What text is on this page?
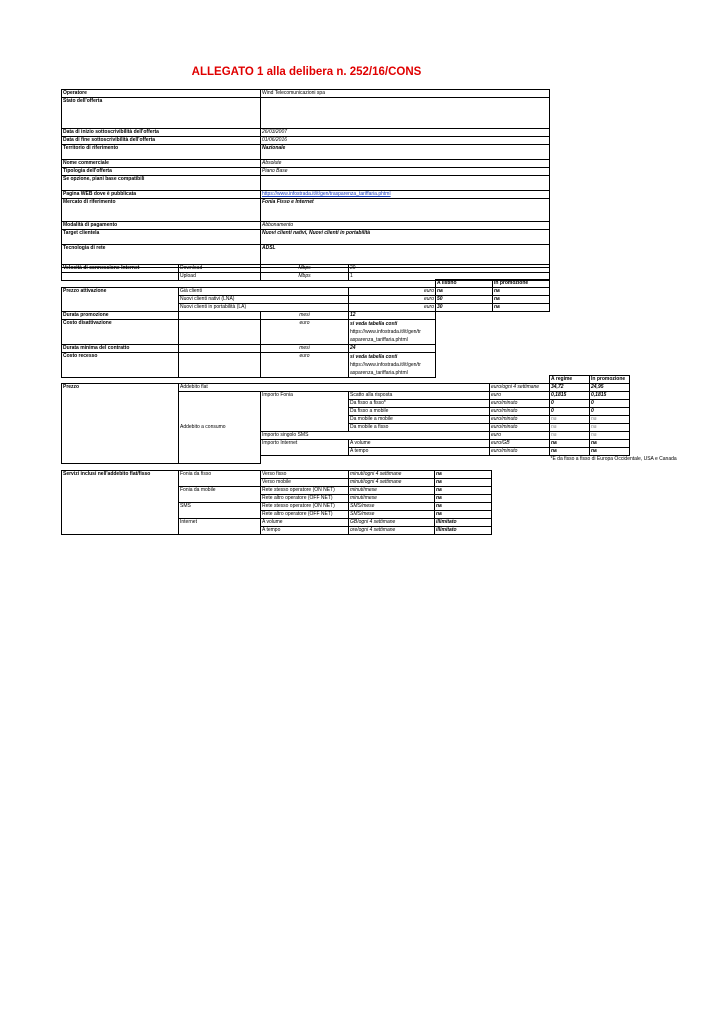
ALLEGATO 1 alla delibera n. 252/16/CONS
Operatore	Wind Telecomunicazioni spa
Stato dell'offerta	
Data di inizio sottoscrivibilità dell'offerta	26/03/2007
Data di fine sottoscrivibilità dell'offerta	01/06/2016
Territorio di riferimento	Nazionale
Nome commerciale	Absolute
Tipologia dell'offerta	Piano Base
Se opzione, piani base compatibili	
Pagina WEB dove è pubblicata	https://www.infostrada.it/it/gen/trasparenza_tariffaria.phtml
Mercato di riferimento	Fonia Fisso e Internet
Modalità di pagamento	Abbonamento
Target clientela	Nuovi clienti nativi, Nuovi clienti in portabilità
Tecnologia di rete	ADSL
Velocità di connessione Internet	Download	Mbps	20
	Upload	Mbps	1
				A listino	In promozione
Prezzo attivazione	Già clienti		euro	na	na
	Nuovi clienti nativi (LNA)		euro	50	na
	Nuovi clienti in portabilità (LA)		euro	30	na
Durata promozione		mesi	12		
Costo disattivazione		euro	si veda tabella costi
https://www.infostrada.it/it/gen/tr
asparenza_tariffaria.phtml		

Durata minima del contratto		mesi	24		
Costo recesso		euro	si veda tabella costi
https://www.infostrada.it/it/gen/tr
asparenza_tariffaria.phtml		

					A regime	In promozione
Prezzo	Addebito flat			euro/ogni 4 settimane	34,72	24,95
	Addebito a consumo	Importo Fonia	Scatto alla risposta	euro	0,1815	0,1815
			Da fisso a fisso*	euro/minuto	0	0
			Da fisso a mobile	euro/minuto	0	0
			Da mobile a mobile	euro/minuto	na	na
			Da mobile a fisso	euro/minuto	na	na
		Importo singolo SMS		euro	na	na
		Importo Internet	A volume	euro/GB	na	na
			A tempo	euro/minuto	na	na
					*E da fisso a fisso di Europa Occidentale, USA e Canada	
Servizi inclusi nell'addebito flat/fisso	Fonia da fisso	Verso fisso	minuti/ogni 4 settimane	na
		Verso mobile	minuti/ogni 4 settimane	na
	Fonia da mobile	Rete stesso operatore (ON NET)	minuti/mese	na
		Rete altro operatore (OFF NET)	minuti/mese	na
	SMS	Rete stesso operatore (ON NET)	SMS/mese	na
		Rete altro operatore (OFF NET)	SMS/mese	na
	Internet	A volume	GB/ogni 4 settimane	illimitato
		A tempo	ore/ogni 4 settimane	illimitato
